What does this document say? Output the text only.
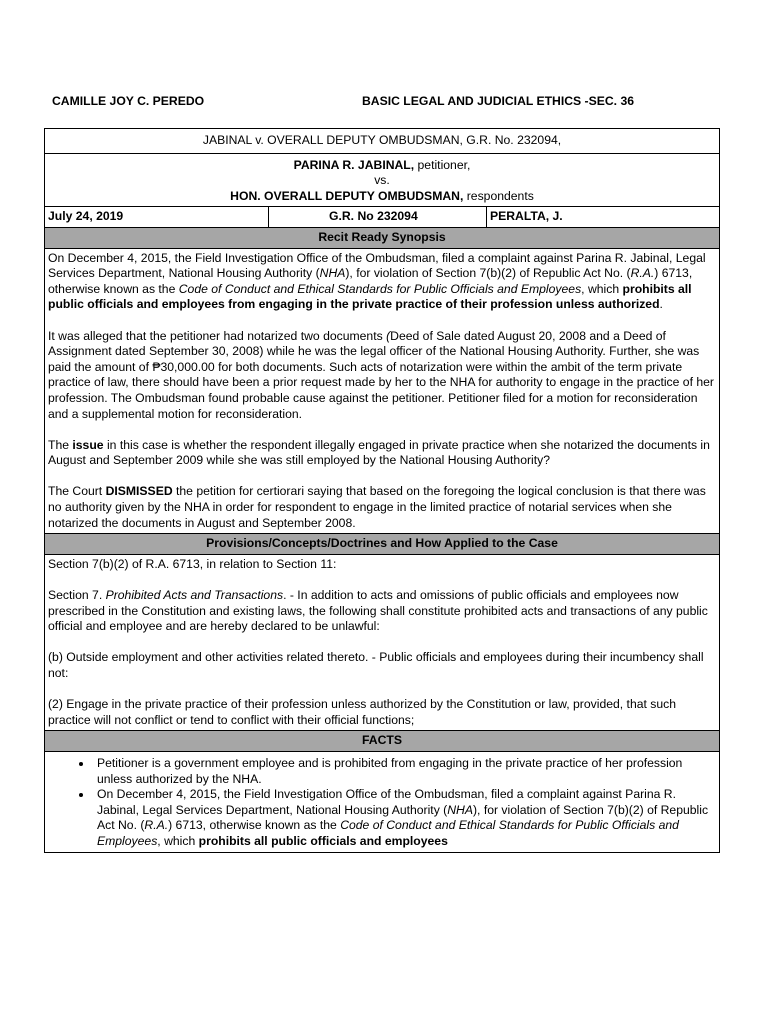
CAMILLE JOY C. PEREDO	BASIC LEGAL AND JUDICIAL ETHICS -SEC. 36
JABINAL v. OVERALL DEPUTY OMBUDSMAN, G.R. No. 232094,

PARINA R. JABINAL, petitioner,
vs.
HON. OVERALL DEPUTY OMBUDSMAN, respondents

July 24, 2019	G.R. No 232094	PERALTA, J.
Recit Ready Synopsis

On December 4, 2015, the Field Investigation Office of the Ombudsman, filed a complaint against Parina R. Jabinal, Legal Services Department, National Housing Authority (NHA), for violation of Section 7(b)(2) of Republic Act No. (R.A.) 6713, otherwise known as the Code of Conduct and Ethical Standards for Public Officials and Employees, which prohibits all public officials and employees from engaging in the private practice of their profession unless authorized.

It was alleged that the petitioner had notarized two documents (Deed of Sale dated August 20, 2008 and a Deed of Assignment dated September 30, 2008) while he was the legal officer of the National Housing Authority. Further, she was paid the amount of ₱30,000.00 for both documents. Such acts of notarization were within the ambit of the term private practice of law, there should have been a prior request made by her to the NHA for authority to engage in the practice of her profession. The Ombudsman found probable cause against the petitioner. Petitioner filed for a motion for reconsideration and a supplemental motion for reconsideration.

The issue in this case is whether the respondent illegally engaged in private practice when she notarized the documents in August and September 2009 while she was still employed by the National Housing Authority?

The Court DISMISSED the petition for certiorari saying that based on the foregoing the logical conclusion is that there was no authority given by the NHA in order for respondent to engage in the limited practice of notarial services when she notarized the documents in August and September 2008.

Provisions/Concepts/Doctrines and How Applied to the Case

Section 7(b)(2) of R.A. 6713, in relation to Section 11:

Section 7. Prohibited Acts and Transactions. - In addition to acts and omissions of public officials and employees now prescribed in the Constitution and existing laws, the following shall constitute prohibited acts and transactions of any public official and employee and are hereby declared to be unlawful:

(b) Outside employment and other activities related thereto. - Public officials and employees during their incumbency shall not:

(2) Engage in the private practice of their profession unless authorized by the Constitution or law, provided, that such practice will not conflict or tend to conflict with their official functions;

FACTS

• Petitioner is a government employee and is prohibited from engaging in the private practice of her profession unless authorized by the NHA.
• On December 4, 2015, the Field Investigation Office of the Ombudsman, filed a complaint against Parina R. Jabinal, Legal Services Department, National Housing Authority (NHA), for violation of Section 7(b)(2) of Republic Act No. (R.A.) 6713, otherwise known as the Code of Conduct and Ethical Standards for Public Officials and Employees, which prohibits all public officials and employees
